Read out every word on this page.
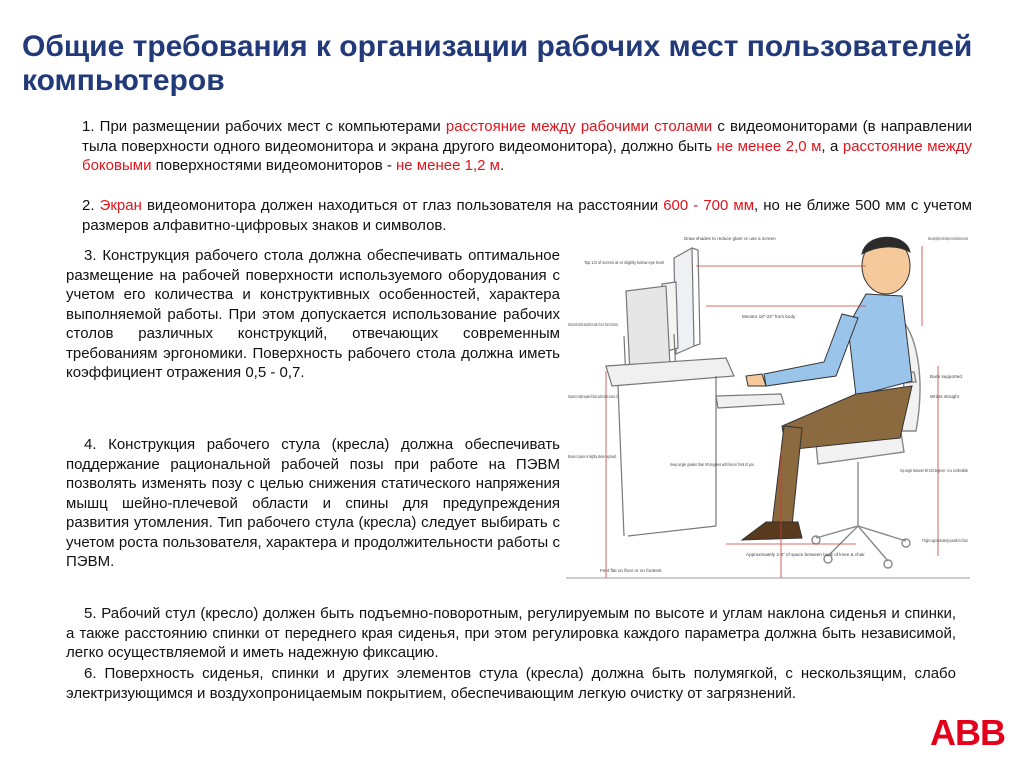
Общие требования к организации рабочих мест пользователей компьютеров

1. При размещении рабочих мест с компьютерами расстояние между рабочими столами с видеомониторами (в направлении тыла поверхности одного видеомонитора и экрана другого видеомонитора), должно быть не менее 2,0 м, а расстояние между боковыми поверхностями видеомониторов - не менее 1,2 м.

2. Экран видеомонитора должен находиться от глаз пользователя на расстоянии 600 - 700 мм, но не ближе 500 мм с учетом размеров алфавитно-цифровых знаков и символов.

3. Конструкция рабочего стола должна обеспечивать оптимальное размещение на рабочей поверхности используемого оборудования с учетом его количества и конструктивных особенностей, характера выполняемой работы. При этом допускается использование рабочих столов различных конструкций, отвечающих современным требованиям эргономики. Поверхность рабочего стола должна иметь коэффициент отражения 0,5 - 0,7.

4. Конструкция рабочего стула (кресла) должна обеспечивать поддержание рациональной рабочей позы при работе на ПЭВМ позволять изменять позу с целью снижения статического напряжения мышц шейно-плечевой области и спины для предупреждения развития утомления. Тип рабочего стула (кресла) следует выбирать с учетом роста пользователя, характера и продолжительности работы с ПЭВМ.

5. Рабочий стул (кресло) должен быть подъемно-поворотным, регулируемым по высоте и углам наклона сиденья и спинки, а также расстоянию спинки от переднего края сиденья, при этом регулировка каждого параметра должна быть независимой, легко осуществляемой и иметь надежную фиксацию.

6. Поверхность сиденья, спинки и других элементов стула (кресла) должна быть полумягкой, с нескользящим, слабо электризующимся и воздухопроницаемым покрытием, обеспечивающим легкую очистку от загрязнений.

Draw shades to reduce glare or use a screen	Elbows at angle slightly more than 90 degrees, arms and hands relaxed, arms at side
Top 1/3 of screen at or slightly below eye level
Monitor 18"-22" from body
Document holder attached to side of or in front of monitor
Keyboard on slight negative tilt (back portion lower & above 1")
Mouse in plane or slightly above keyboard
Back supported
Wrists straight
Keep angle greater than 90 degrees with feet in front of you
Hip angle between 90-120 degrees - in a comfortable
Thighs approximately parallel to floor
Approximately 2-3" of space between back of knee & chair
Feet flat on floor or on footrest
ABB
